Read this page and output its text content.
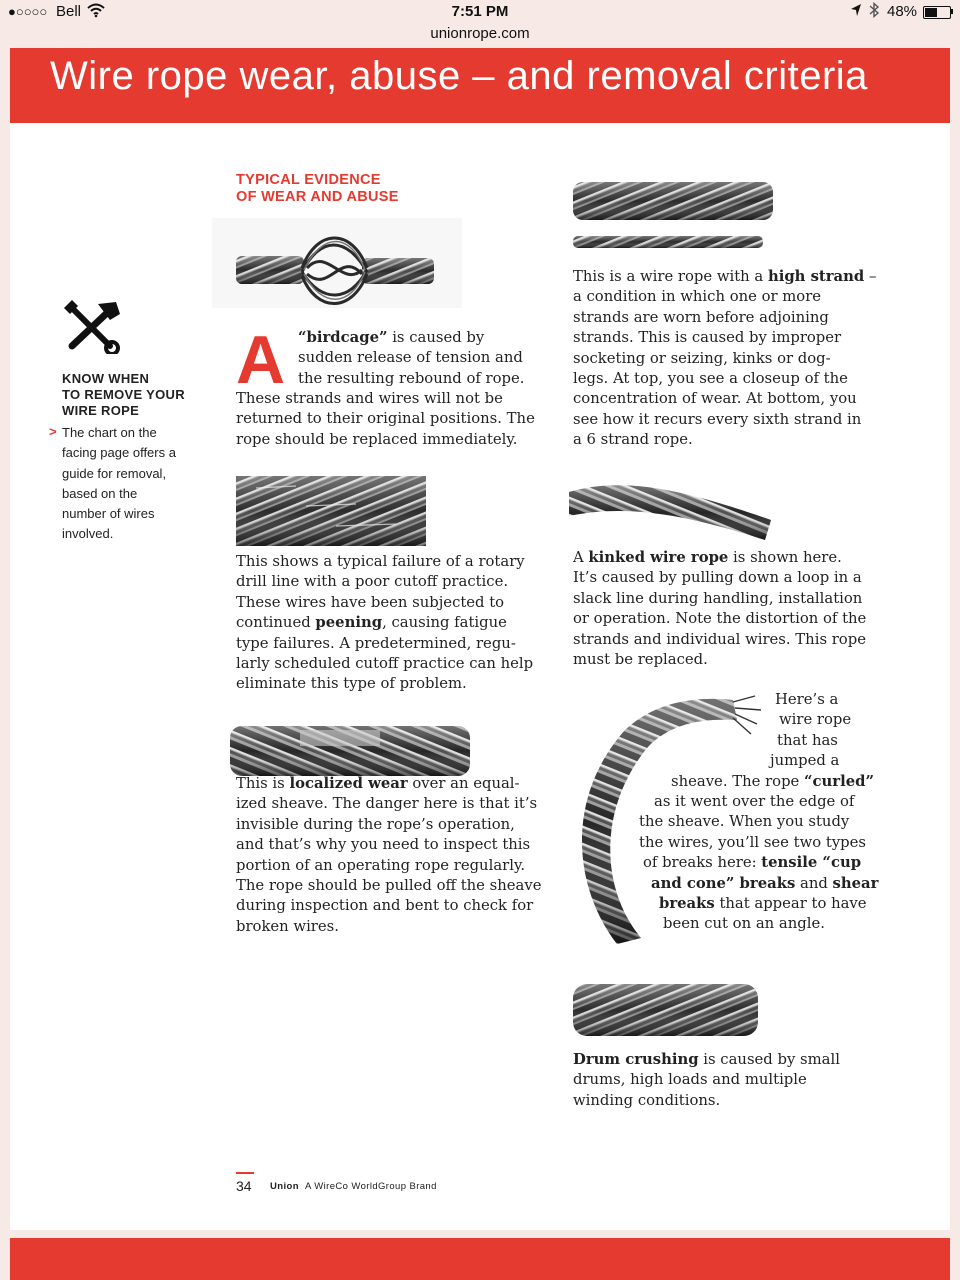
●○○○○ Bell	7:51 PM
unionrope.com
48%
Wire rope wear, abuse – and removal criteria

KNOW WHEN
TO REMOVE YOUR
WIRE ROPE

> The chart on the
facing page offers a
guide for removal,
based on the
number of wires
involved.

TYPICAL EVIDENCE
OF WEAR AND ABUSE

A “birdcage” is caused by
sudden release of tension and
the resulting rebound of rope.

These strands and wires will not be
returned to their original positions. The
rope should be replaced immediately.

This shows a typical failure of a rotary
drill line with a poor cutoff practice.
These wires have been subjected to
continued peening, causing fatigue
type failures. A predetermined, regu-
larly scheduled cutoff practice can help
eliminate this type of problem.

This is localized wear over an equal-
ized sheave. The danger here is that it’s
invisible during the rope’s operation,
and that’s why you need to inspect this
portion of an operating rope regularly.
The rope should be pulled off the sheave
during inspection and bent to check for
broken wires.

This is a wire rope with a high strand –
a condition in which one or more
strands are worn before adjoining
strands. This is caused by improper
socketing or seizing, kinks or dog-
legs. At top, you see a closeup of the
concentration of wear. At bottom, you
see how it recurs every sixth strand in
a 6 strand rope.

A kinked wire rope is shown here.
It’s caused by pulling down a loop in a
slack line during handling, installation
or operation. Note the distortion of the
strands and individual wires. This rope
must be replaced.

Here’s a
wire rope
that has
jumped a
sheave. The rope “curled”
as it went over the edge of
the sheave. When you study
the wires, you’ll see two types
of breaks here: tensile “cup
and cone” breaks and shear
breaks that appear to have
been cut on an angle.

Drum crushing is caused by small
drums, high loads and multiple
winding conditions.

34 Union A WireCo WorldGroup Brand
